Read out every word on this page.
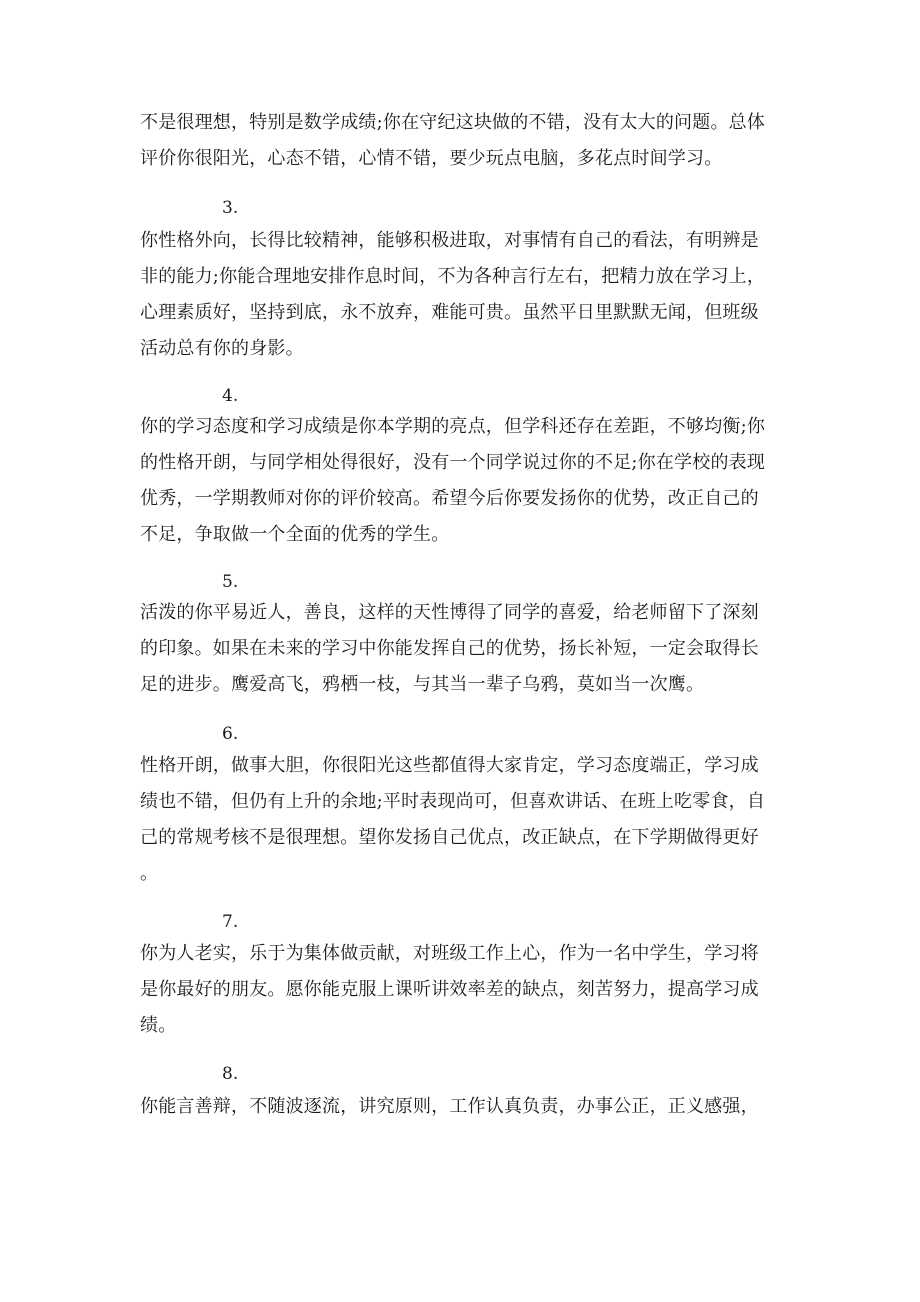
不是很理想，特别是数学成绩;你在守纪这块做的不错，没有太大的问题。总体
评价你很阳光，心态不错，心情不错，要少玩点电脑，多花点时间学习。
3.
你性格外向，长得比较精神，能够积极进取，对事情有自己的看法，有明辨是
非的能力;你能合理地安排作息时间，不为各种言行左右，把精力放在学习上，
心理素质好，坚持到底，永不放弃，难能可贵。虽然平日里默默无闻，但班级
活动总有你的身影。
4.
你的学习态度和学习成绩是你本学期的亮点，但学科还存在差距，不够均衡;你
的性格开朗，与同学相处得很好，没有一个同学说过你的不足;你在学校的表现
优秀，一学期教师对你的评价较高。希望今后你要发扬你的优势，改正自己的
不足，争取做一个全面的优秀的学生。
5.
活泼的你平易近人，善良，这样的天性博得了同学的喜爱，给老师留下了深刻
的印象。如果在未来的学习中你能发挥自己的优势，扬长补短，一定会取得长
足的进步。鹰爱高飞，鸦栖一枝，与其当一辈子乌鸦，莫如当一次鹰。
6.
性格开朗，做事大胆，你很阳光这些都值得大家肯定，学习态度端正，学习成
绩也不错，但仍有上升的余地;平时表现尚可，但喜欢讲话、在班上吃零食，自
己的常规考核不是很理想。望你发扬自己优点，改正缺点，在下学期做得更好
。
7.
你为人老实，乐于为集体做贡献，对班级工作上心，作为一名中学生，学习将
是你最好的朋友。愿你能克服上课听讲效率差的缺点，刻苦努力，提高学习成
绩。
8.
你能言善辩，不随波逐流，讲究原则，工作认真负责，办事公正，正义感强，
